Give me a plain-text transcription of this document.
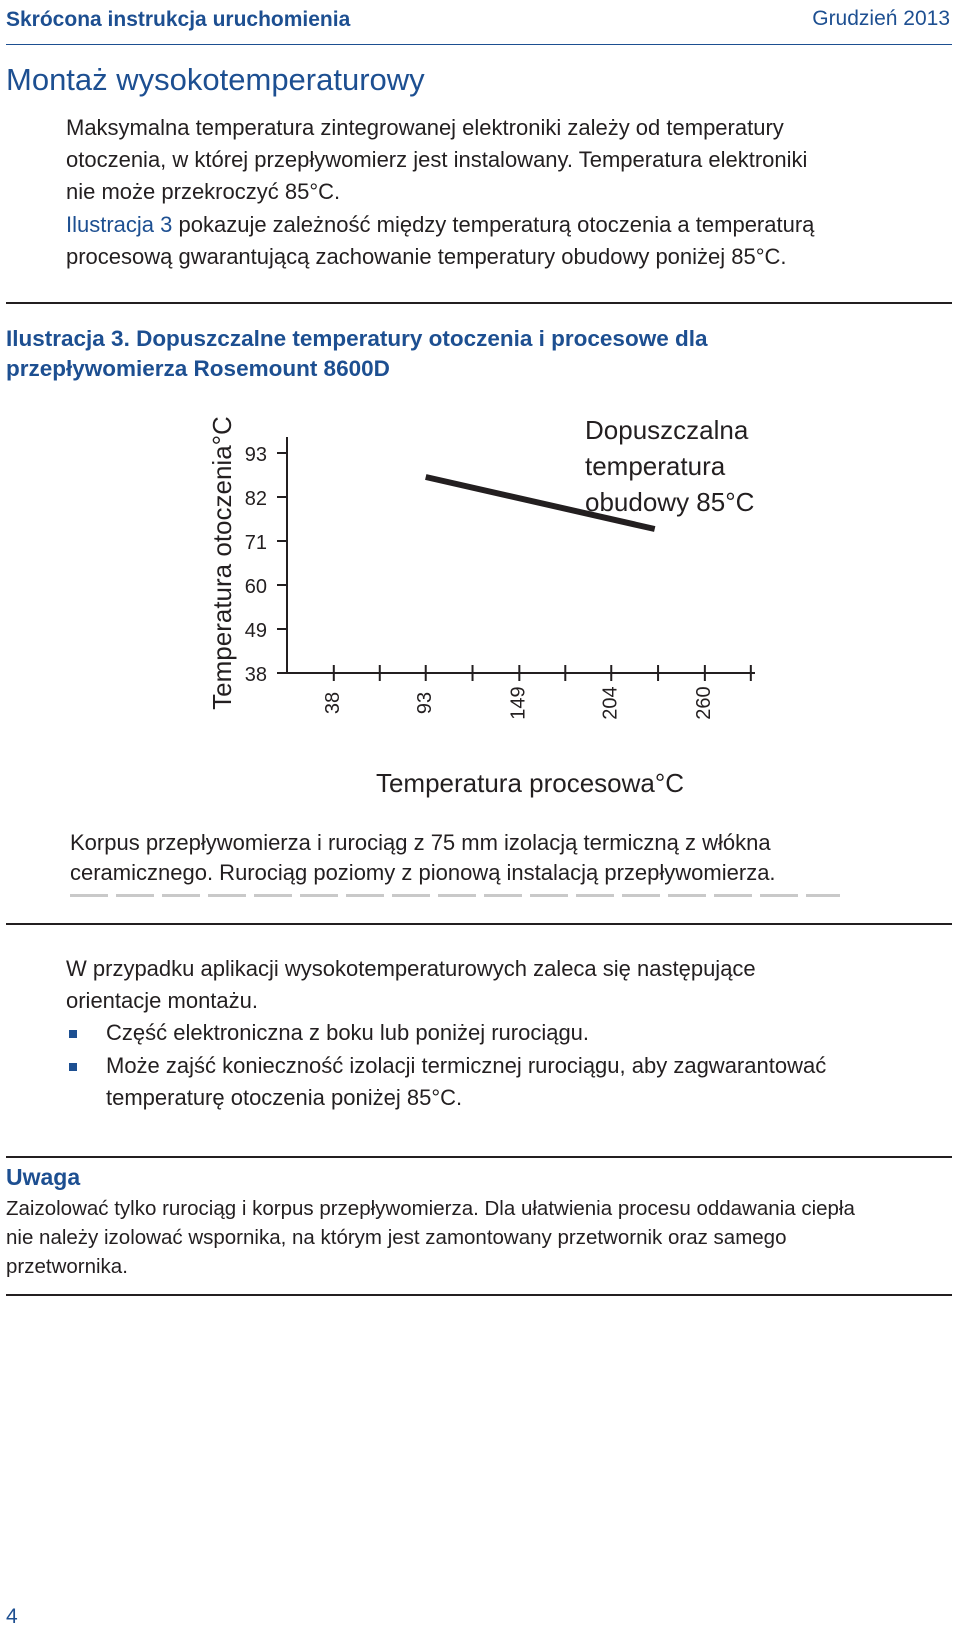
Skrócona instrukcja uruchomienia	Grudzień 2013
Montaż wysokotemperaturowy
Maksymalna temperatura zintegrowanej elektroniki zależy od temperatury
otoczenia, w której przepływomierz jest instalowany. Temperatura elektroniki
nie może przekroczyć 85°C.
Ilustracja 3 pokazuje zależność między temperaturą otoczenia a temperaturą
procesową gwarantującą zachowanie temperatury obudowy poniżej 85°C.
Ilustracja 3. Dopuszczalne temperatury otoczenia i procesowe dla
przepływomierza Rosemount 8600D
38
49
60
71
82
93
38	93	149	204	260
Temperatura otoczenia°C
Temperatura procesowa°C
Dopuszczalna
temperatura
obudowy 85°C
Korpus przepływomierza i rurociąg z 75 mm izolacją termiczną z włókna
ceramicznego. Rurociąg poziomy z pionową instalacją przepływomierza.
W przypadku aplikacji wysokotemperaturowych zaleca się następujące
orientacje montażu.
Część elektroniczna z boku lub poniżej rurociągu.
Może zajść konieczność izolacji termicznej rurociągu, aby zagwarantować
temperaturę otoczenia poniżej 85°C.
Uwaga
Zaizolować tylko rurociąg i korpus przepływomierza. Dla ułatwienia procesu oddawania ciepła
nie należy izolować wspornika, na którym jest zamontowany przetwornik oraz samego
przetwornika.
4
